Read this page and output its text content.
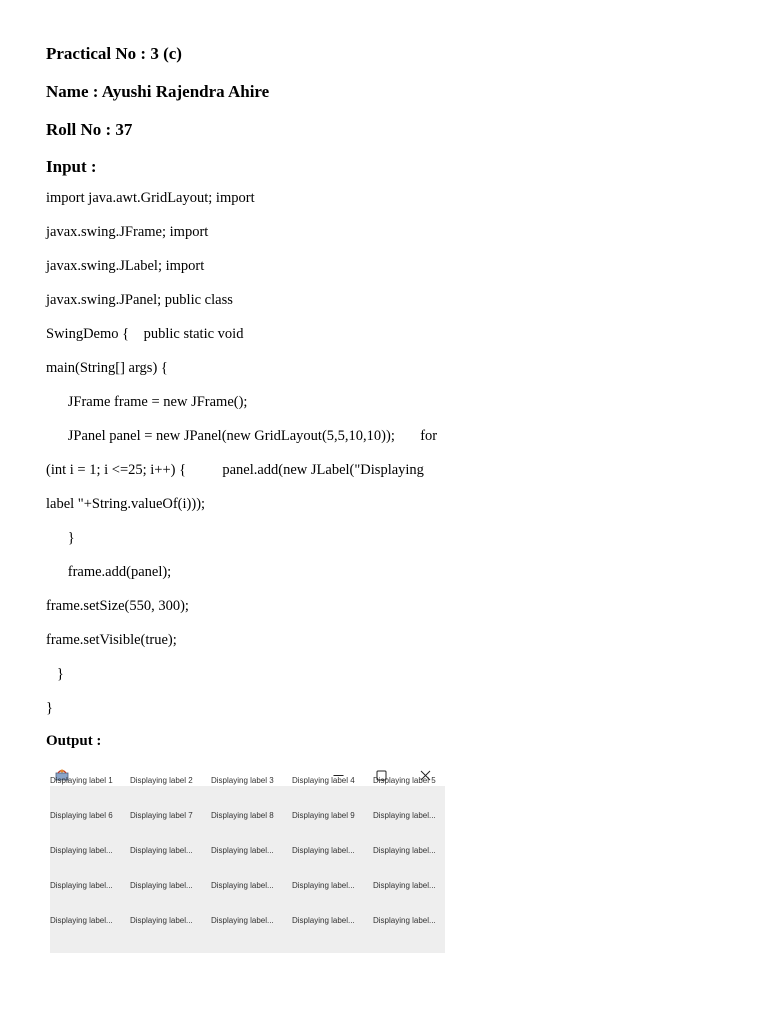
Practical No : 3 (c)
Name : Ayushi Rajendra Ahire
Roll No : 37
Input :
import java.awt.GridLayout; import
javax.swing.JFrame; import
javax.swing.JLabel; import
javax.swing.JPanel; public class
SwingDemo {    public static void
main(String[] args) {
JFrame frame = new JFrame();
JPanel panel = new JPanel(new GridLayout(5,5,10,10));       for
(int i = 1; i <=25; i++) {          panel.add(new JLabel("Displaying
label "+String.valueOf(i)));
}
frame.add(panel);
frame.setSize(550, 300);
frame.setVisible(true);
}
}
Output :
Displaying label 1	Displaying label 2	Displaying label 3	Displaying label 4	Displaying label 5
Displaying label 6	Displaying label 7	Displaying label 8	Displaying label 9	Displaying label...
Displaying label...	Displaying label...	Displaying label...	Displaying label...	Displaying label...
Displaying label...	Displaying label...	Displaying label...	Displaying label...	Displaying label...
Displaying label...	Displaying label...	Displaying label...	Displaying label...	Displaying label...
